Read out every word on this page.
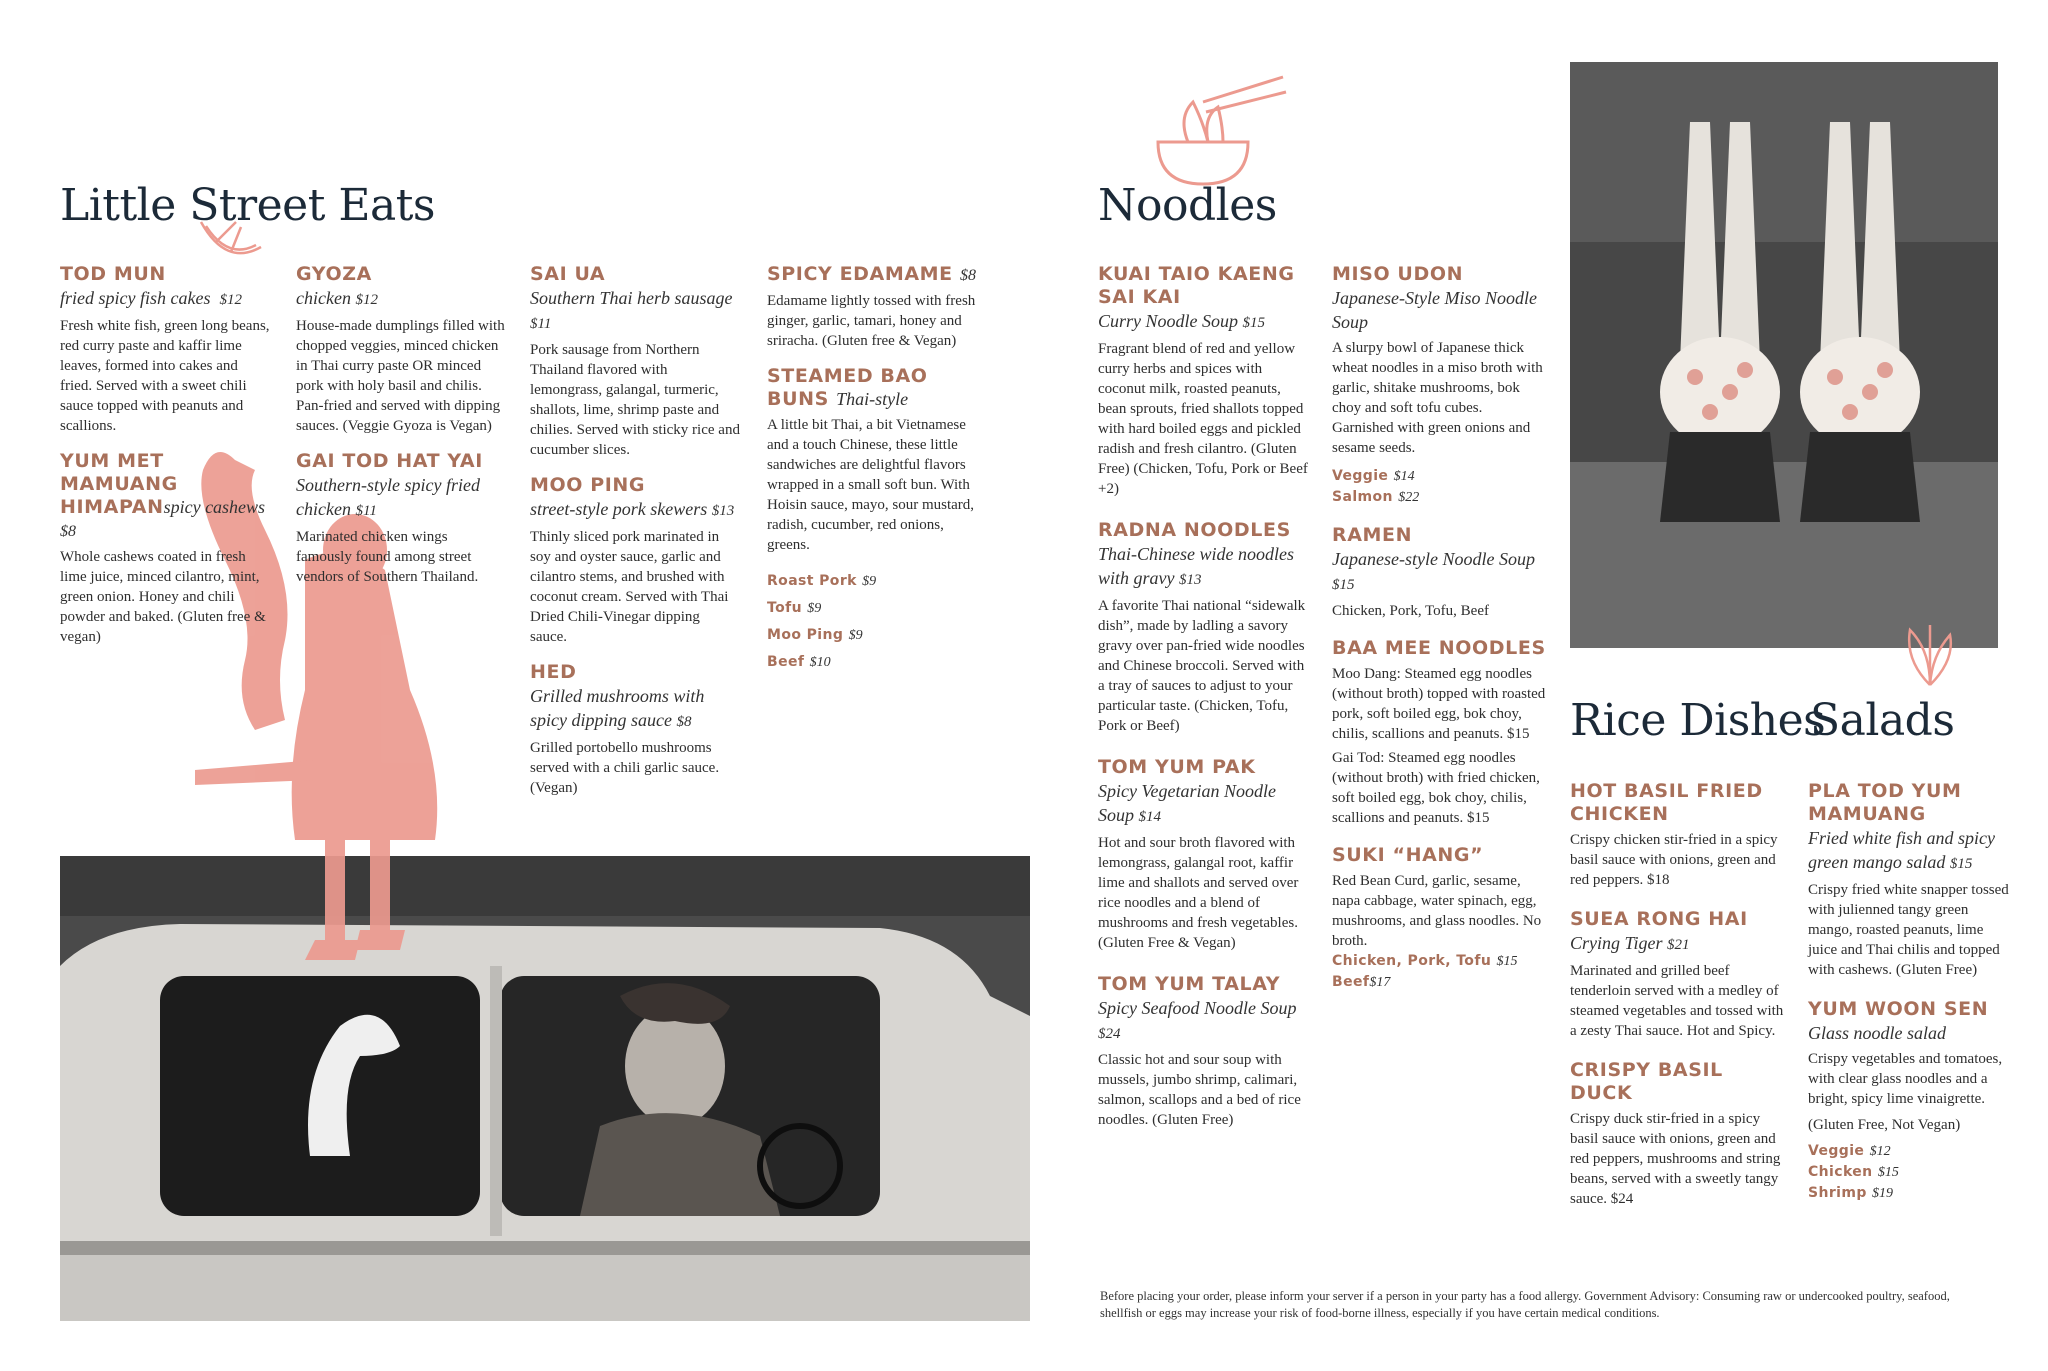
Little Street Eats
TOD MUN
fried spicy fish cakes $12
Fresh white fish, green long beans, red curry paste and kaffir lime leaves, formed into cakes and fried. Served with a sweet chili sauce topped with peanuts and scallions.
YUM MET MAMUANG HIMAPANspicy cashews $8
Whole cashews coated in fresh lime juice, minced cilantro, mint, green onion. Honey and chili powder and baked. (Gluten free & vegan)
GYOZA
chicken $12
House-made dumplings filled with chopped veggies, minced chicken in Thai curry paste OR minced pork with holy basil and chilis. Pan-fried and served with dipping sauces. (Veggie Gyoza is Vegan)
GAI TOD HAT YAI
Southern-style spicy fried chicken $11
Marinated chicken wings famously found among street vendors of Southern Thailand.
SAI UA
Southern Thai herb sausage $11
Pork sausage from Northern Thailand flavored with lemongrass, galangal, turmeric, shallots, lime, shrimp paste and chilies. Served with sticky rice and cucumber slices.
MOO PING
street-style pork skewers $13
Thinly sliced pork marinated in soy and oyster sauce, garlic and cilantro stems, and brushed with coconut cream. Served with Thai Dried Chili-Vinegar dipping sauce.
HED
Grilled mushrooms with spicy dipping sauce $8
Grilled portobello mushrooms served with a chili garlic sauce. (Vegan)
SPICY EDAMAME $8
Edamame lightly tossed with fresh ginger, garlic, tamari, honey and sriracha. (Gluten free & Vegan)
STEAMED BAO BUNS Thai-style
A little bit Thai, a bit Vietnamese and a touch Chinese, these little sandwiches are delightful flavors wrapped in a small soft bun. With Hoisin sauce, mayo, sour mustard, radish, cucumber, red onions, greens.
Roast Pork $9
Tofu $9
Moo Ping $9
Beef $10
Noodles
KUAI TAIO KAENG SAI KAI
Curry Noodle Soup $15
Fragrant blend of red and yellow curry herbs and spices with coconut milk, roasted peanuts, bean sprouts, fried shallots topped with hard boiled eggs and pickled radish and fresh cilantro. (Gluten Free) (Chicken, Tofu, Pork or Beef +2)
RADNA NOODLES
Thai-Chinese wide noodles with gravy $13
A favorite Thai national “sidewalk dish”, made by ladling a savory gravy over pan-fried wide noodles and Chinese broccoli. Served with a tray of sauces to adjust to your particular taste. (Chicken, Tofu, Pork or Beef)
TOM YUM PAK
Spicy Vegetarian Noodle Soup $14
Hot and sour broth flavored with lemongrass, galangal root, kaffir lime and shallots and served over rice noodles and a blend of mushrooms and fresh vegetables. (Gluten Free & Vegan)
TOM YUM TALAY
Spicy Seafood Noodle Soup $24
Classic hot and sour soup with mussels, jumbo shrimp, calimari, salmon, scallops and a bed of rice noodles. (Gluten Free)
MISO UDON
Japanese-Style Miso Noodle Soup
A slurpy bowl of Japanese thick wheat noodles in a miso broth with garlic, shitake mushrooms, bok choy and soft tofu cubes. Garnished with green onions and sesame seeds.
Veggie $14
Salmon $22
RAMEN
Japanese-style Noodle Soup $15
Chicken, Pork, Tofu, Beef
BAA MEE NOODLES
Moo Dang: Steamed egg noodles (without broth) topped with roasted pork, soft boiled egg, bok choy, chilis, scallions and peanuts. $15
Gai Tod: Steamed egg noodles (without broth) with fried chicken, soft boiled egg, bok choy, chilis, scallions and peanuts. $15
SUKI “HANG”
Red Bean Curd, garlic, sesame, napa cabbage, water spinach, egg, mushrooms, and glass noodles. No broth.
Chicken, Pork, Tofu $15
Beef$17
Rice Dishes
HOT BASIL FRIED CHICKEN
Crispy chicken stir-fried in a spicy basil sauce with onions, green and red peppers. $18
SUEA RONG HAI
Crying Tiger $21
Marinated and grilled beef tenderloin served with a medley of steamed vegetables and tossed with a zesty Thai sauce. Hot and Spicy.
CRISPY BASIL DUCK
Crispy duck stir-fried in a spicy basil sauce with onions, green and red peppers, mushrooms and string beans, served with a sweetly tangy sauce. $24
Salads
PLA TOD YUM MAMUANG
Fried white fish and spicy green mango salad $15
Crispy fried white snapper tossed with julienned tangy green mango, roasted peanuts, lime juice and Thai chilis and topped with cashews. (Gluten Free)
YUM WOON SEN
Glass noodle salad
Crispy vegetables and tomatoes, with clear glass noodles and a bright, spicy lime vinaigrette.
(Gluten Free, Not Vegan)
Veggie $12
Chicken $15
Shrimp $19
Before placing your order, please inform your server if a person in your party has a food allergy. Government Advisory: Consuming raw or undercooked poultry, seafood, shellfish or eggs may increase your risk of food-borne illness, especially if you have certain medical conditions.
